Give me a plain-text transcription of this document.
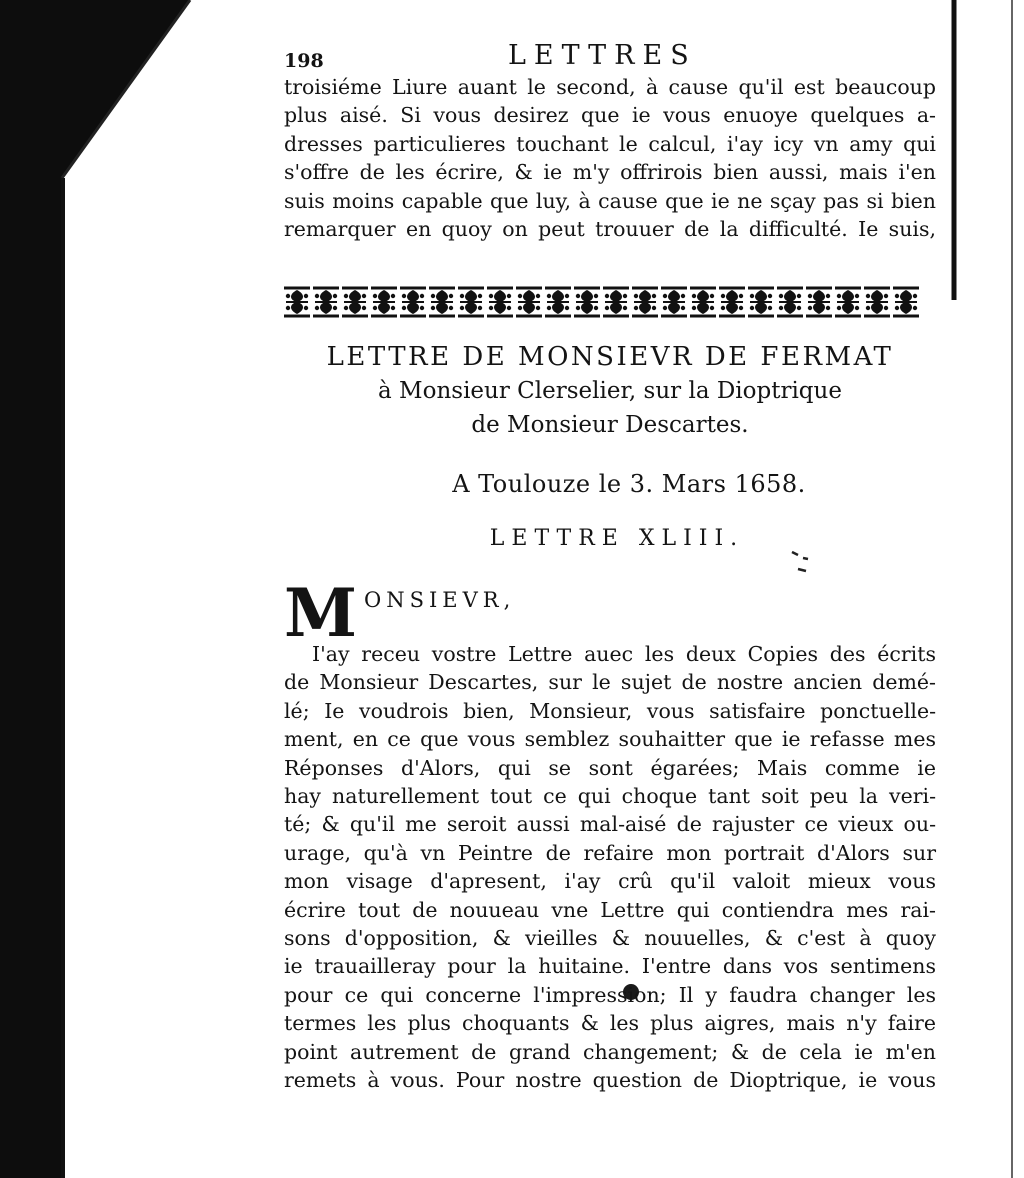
198	LETTRES
troisiéme Liure auant le second, à cause qu'il est beaucoup
plus aisé. Si vous desirez que ie vous enuoye quelques a-
dresses particulieres touchant le calcul, i'ay icy vn amy qui
s'offre de les écrire, & ie m'y offrirois bien aussi, mais i'en
suis moins capable que luy, à cause que ie ne sçay pas si bien
remarquer en quoy on peut trouuer de la difficulté. Ie suis,
LETTRE DE MONSIEVR DE FERMAT
à Monsieur Clerselier, sur la Dioptrique
de Monsieur Descartes.
A Toulouze le 3. Mars 1658.
LETTRE XLIII.
M ONSIEVR,
I'ay receu vostre Lettre auec les deux Copies des écrits
de Monsieur Descartes, sur le sujet de nostre ancien demé-
lé; Ie voudrois bien, Monsieur, vous satisfaire ponctuelle-
ment, en ce que vous semblez souhaitter que ie refasse mes
Réponses d'Alors, qui se sont égarées; Mais comme ie
hay naturellement tout ce qui choque tant soit peu la veri-
té; & qu'il me seroit aussi mal-aisé de rajuster ce vieux ou-
urage, qu'à vn Peintre de refaire mon portrait d'Alors sur
mon visage d'apresent, i'ay crû qu'il valoit mieux vous
écrire tout de nouueau vne Lettre qui contiendra mes rai-
sons d'opposition, & vieilles & nouuelles, & c'est à quoy
ie trauailleray pour la huitaine. I'entre dans vos sentimens
pour ce qui concerne l'impression; Il y faudra changer les
termes les plus choquants & les plus aigres, mais n'y faire
point autrement de grand changement; & de cela ie m'en
remets à vous. Pour nostre question de Dioptrique, ie vous
